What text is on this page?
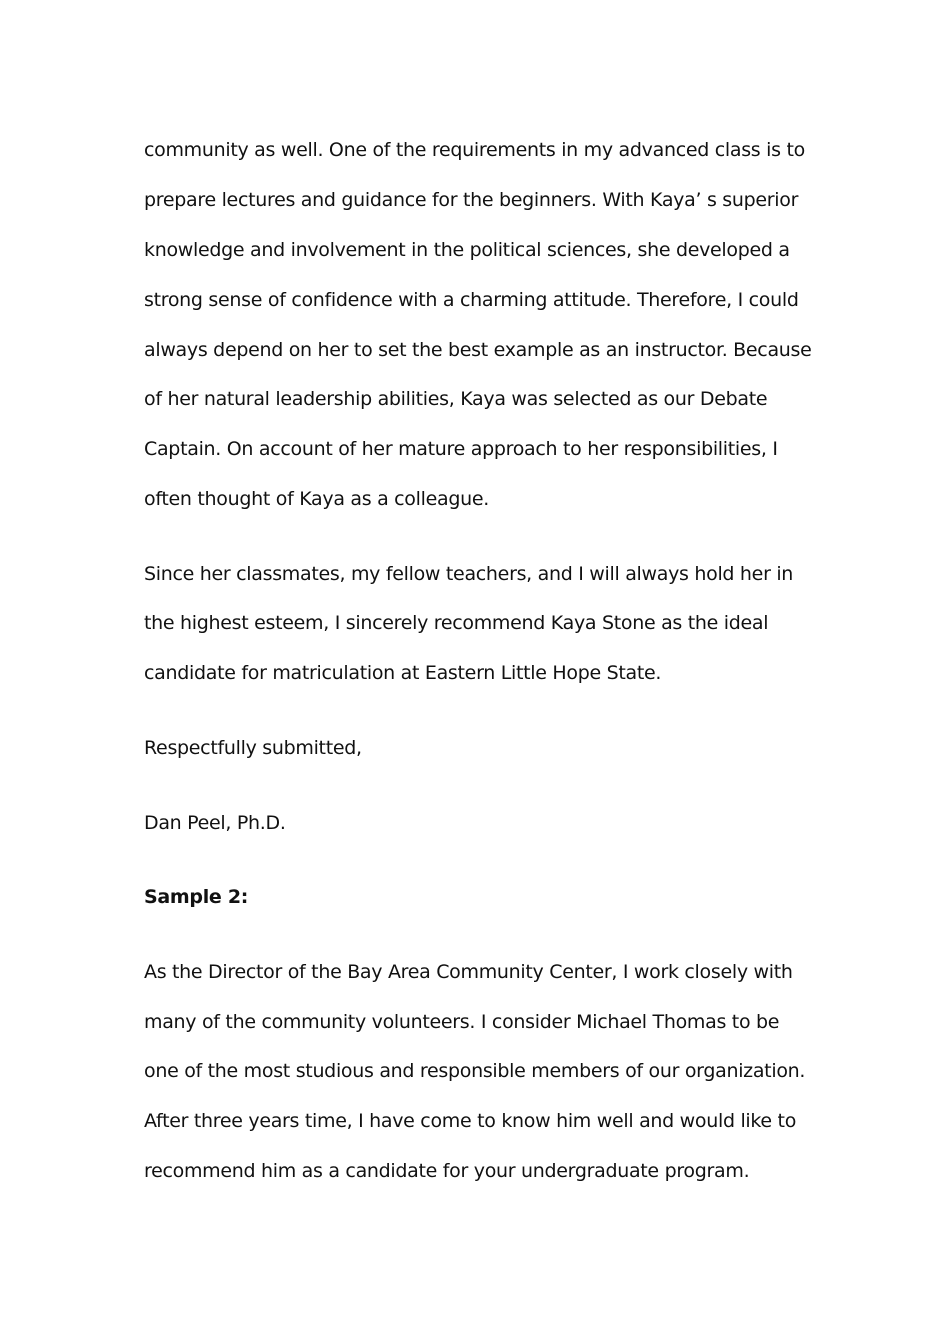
community as well. One of the requirements in my advanced class is to
prepare lectures and guidance for the beginners. With Kaya’ s superior
knowledge and involvement in the political sciences, she developed a
strong sense of confidence with a charming attitude. Therefore, I could
always depend on her to set the best example as an instructor. Because
of her natural leadership abilities, Kaya was selected as our Debate
Captain. On account of her mature approach to her responsibilities, I
often thought of Kaya as a colleague.
Since her classmates, my fellow teachers, and I will always hold her in
the highest esteem, I sincerely recommend Kaya Stone as the ideal
candidate for matriculation at Eastern Little Hope State.
Respectfully submitted,
Dan Peel, Ph.D.
Sample 2:
As the Director of the Bay Area Community Center, I work closely with
many of the community volunteers. I consider Michael Thomas to be
one of the most studious and responsible members of our organization.
After three years time, I have come to know him well and would like to
recommend him as a candidate for your undergraduate program.
